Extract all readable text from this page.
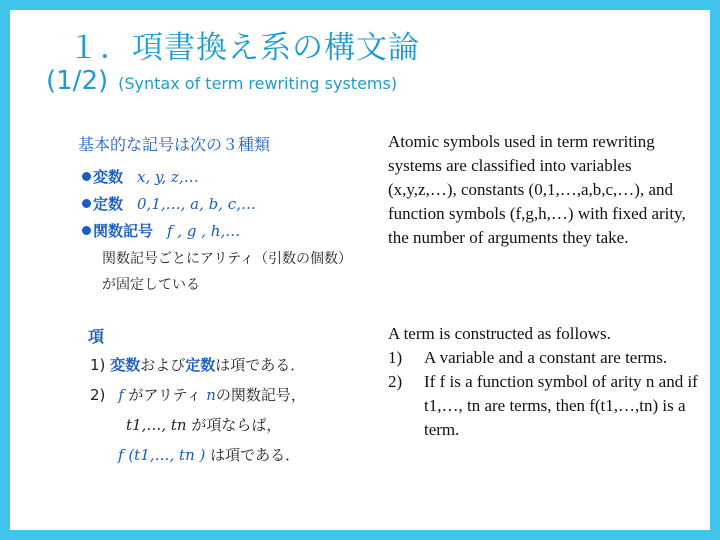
１．項書換え系の構文論
(1/2) (Syntax of term rewriting systems)
基本的な記号は次の３種類
変数 x, y, z,…
定数 0,1,…, a, b, c,…
関数記号 f , g , h,…
関数記号ごとにアリティ（引数の個数）
が固定している
項
1) 変数および定数は項である．
2) f がアリティ nの関数記号，
t1,…, tn が項ならば，
f (t1,…, tn ) は項である．

Atomic symbols used in term rewriting systems are classified into variables (x,y,z,…), constants (0,1,…,a,b,c,…), and function symbols (f,g,h,…) with fixed arity, the number of arguments they take.

A term is constructed as follows.

1) A variable and a constant are terms.
2) If f is a function symbol of arity n and if t1,…, tn are terms, then f(t1,…,tn) is a term.
